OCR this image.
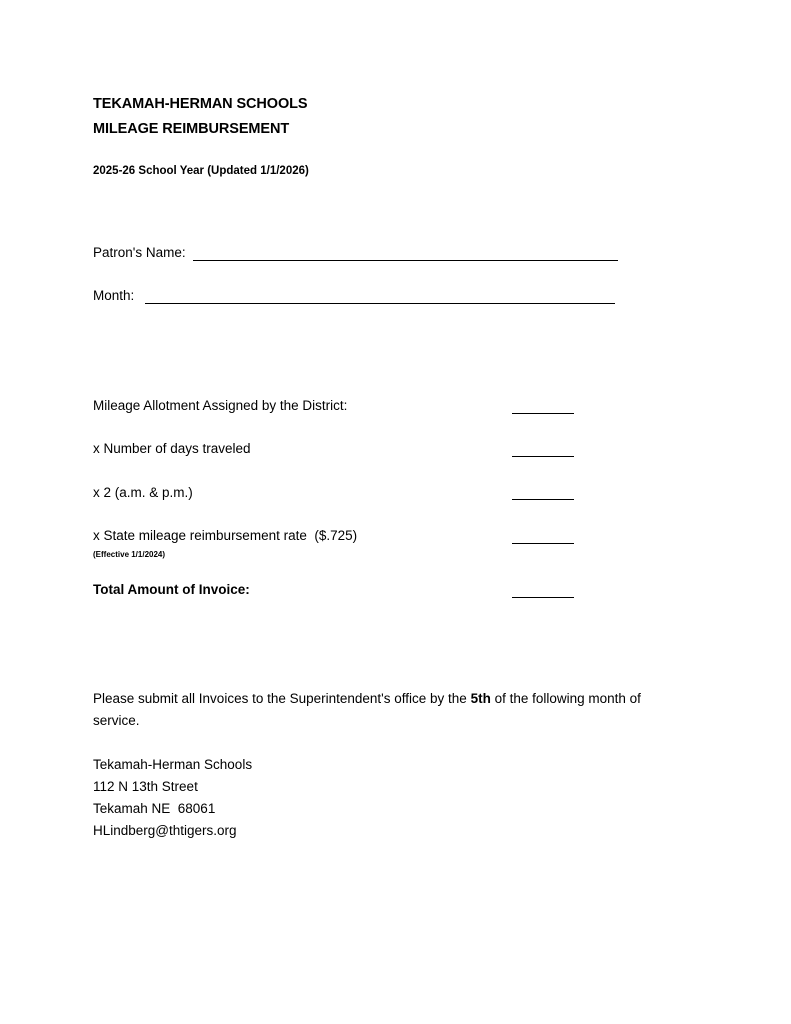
TEKAMAH-HERMAN SCHOOLS
MILEAGE REIMBURSEMENT
2025-26 School Year (Updated 1/1/2026)
Patron's Name:
Month:
Mileage Allotment Assigned by the District:
x Number of days traveled
x 2 (a.m. & p.m.)
x State mileage reimbursement rate  ($.725)
(Effective 1/1/2024)
Total Amount of Invoice:
Please submit all Invoices to the Superintendent's office by the 5th of the following month of
service.
Tekamah-Herman Schools
112 N 13th Street
Tekamah NE  68061
HLindberg@thtigers.org
